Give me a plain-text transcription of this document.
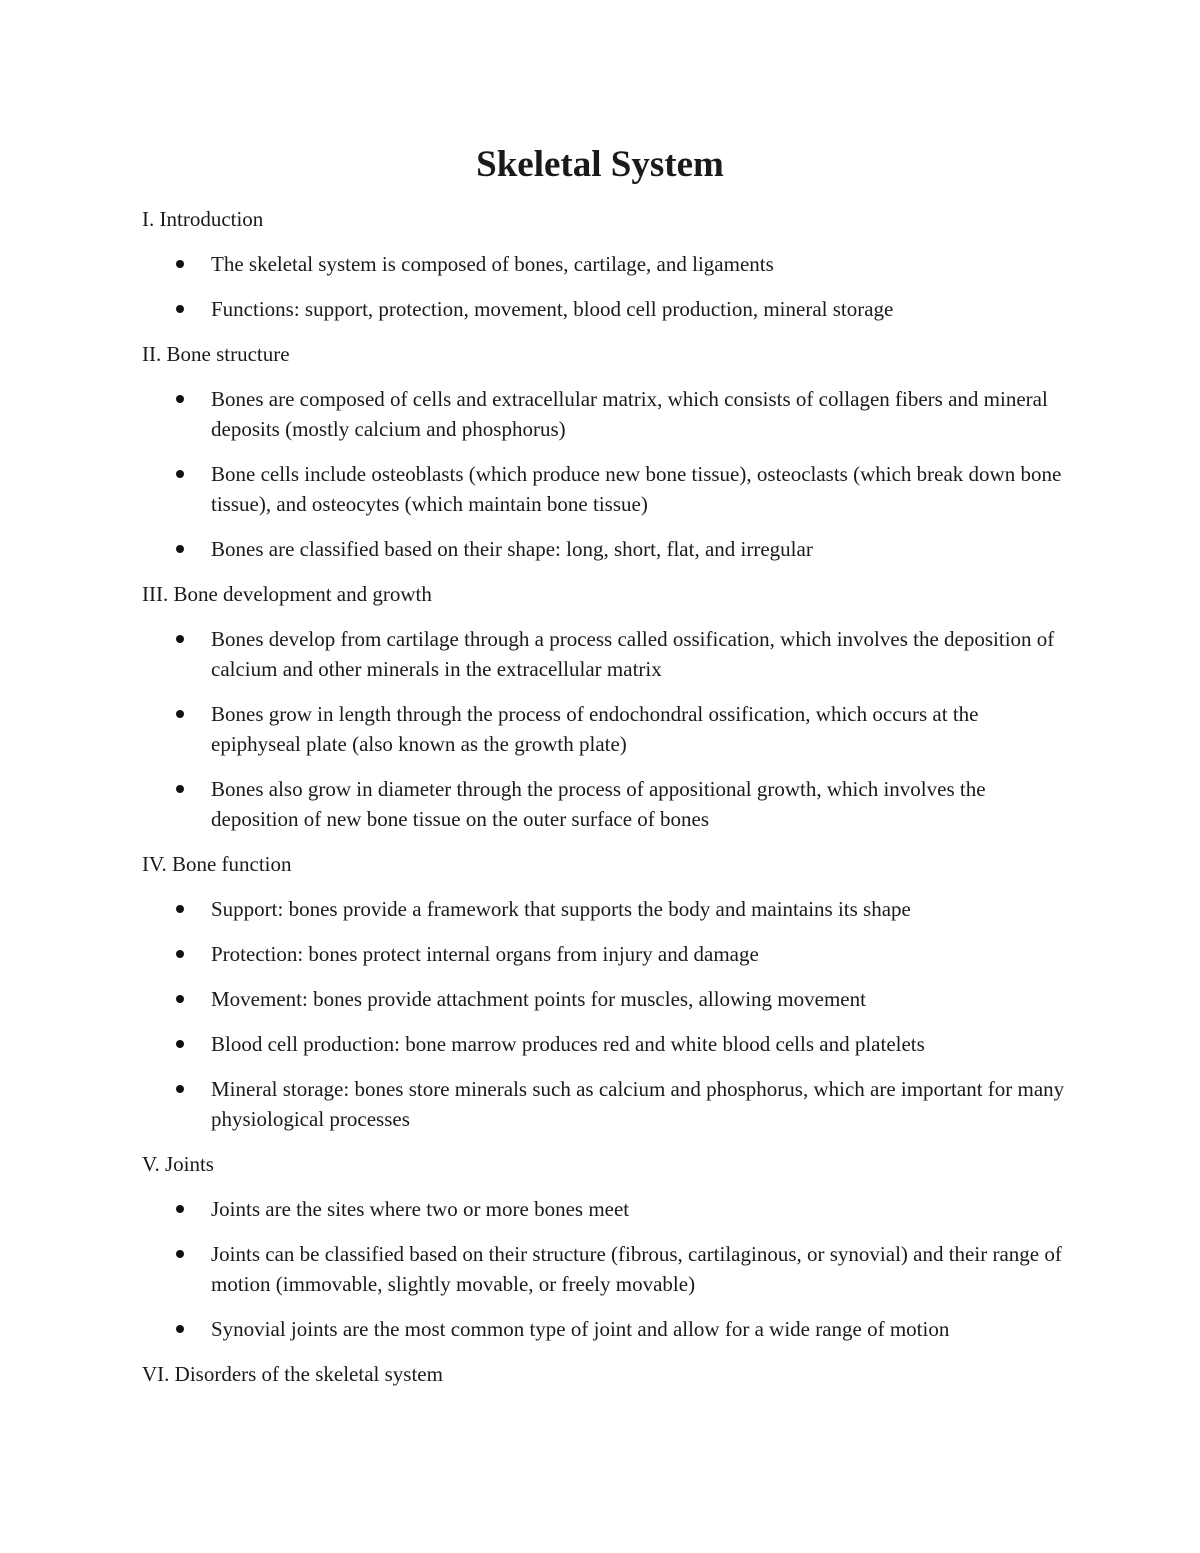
Skeletal System
I. Introduction
The skeletal system is composed of bones, cartilage, and ligaments
Functions: support, protection, movement, blood cell production, mineral storage
II. Bone structure
Bones are composed of cells and extracellular matrix, which consists of collagen fibers and mineral deposits (mostly calcium and phosphorus)
Bone cells include osteoblasts (which produce new bone tissue), osteoclasts (which break down bone tissue), and osteocytes (which maintain bone tissue)
Bones are classified based on their shape: long, short, flat, and irregular
III. Bone development and growth
Bones develop from cartilage through a process called ossification, which involves the deposition of calcium and other minerals in the extracellular matrix
Bones grow in length through the process of endochondral ossification, which occurs at the epiphyseal plate (also known as the growth plate)
Bones also grow in diameter through the process of appositional growth, which involves the deposition of new bone tissue on the outer surface of bones
IV. Bone function
Support: bones provide a framework that supports the body and maintains its shape
Protection: bones protect internal organs from injury and damage
Movement: bones provide attachment points for muscles, allowing movement
Blood cell production: bone marrow produces red and white blood cells and platelets
Mineral storage: bones store minerals such as calcium and phosphorus, which are important for many physiological processes
V. Joints
Joints are the sites where two or more bones meet
Joints can be classified based on their structure (fibrous, cartilaginous, or synovial) and their range of motion (immovable, slightly movable, or freely movable)
Synovial joints are the most common type of joint and allow for a wide range of motion
VI. Disorders of the skeletal system
